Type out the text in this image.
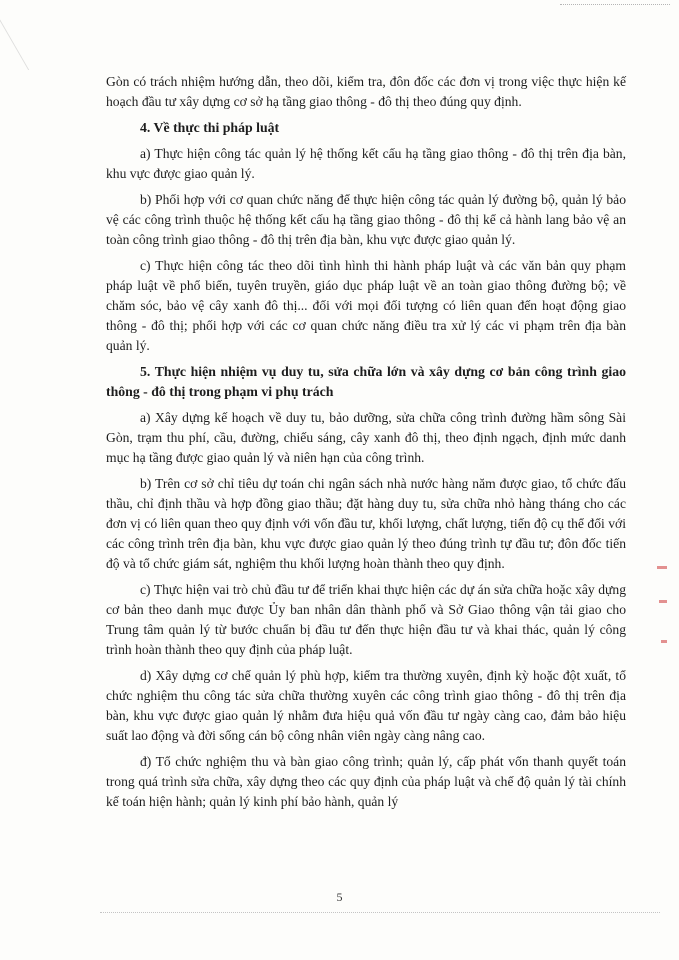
Gòn có trách nhiệm hướng dẫn, theo dõi, kiểm tra, đôn đốc các đơn vị trong việc thực hiện kế hoạch đầu tư xây dựng cơ sở hạ tầng giao thông - đô thị theo đúng quy định.

4. Về thực thi pháp luật

a) Thực hiện công tác quản lý hệ thống kết cấu hạ tầng giao thông - đô thị trên địa bàn, khu vực được giao quản lý.

b) Phối hợp với cơ quan chức năng để thực hiện công tác quản lý đường bộ, quản lý bảo vệ các công trình thuộc hệ thống kết cấu hạ tầng giao thông - đô thị kể cả hành lang bảo vệ an toàn công trình giao thông - đô thị trên địa bàn, khu vực được giao quản lý.

c) Thực hiện công tác theo dõi tình hình thi hành pháp luật và các văn bản quy phạm pháp luật về phổ biến, tuyên truyền, giáo dục pháp luật về an toàn giao thông đường bộ; về chăm sóc, bảo vệ cây xanh đô thị... đối với mọi đối tượng có liên quan đến hoạt động giao thông - đô thị; phối hợp với các cơ quan chức năng điều tra xử lý các vi phạm trên địa bàn quản lý.

5. Thực hiện nhiệm vụ duy tu, sửa chữa lớn và xây dựng cơ bản công trình giao thông - đô thị trong phạm vi phụ trách

a) Xây dựng kế hoạch về duy tu, bảo dưỡng, sửa chữa công trình đường hầm sông Sài Gòn, trạm thu phí, cầu, đường, chiếu sáng, cây xanh đô thị, theo định ngạch, định mức danh mục hạ tầng được giao quản lý và niên hạn của công trình.

b) Trên cơ sở chỉ tiêu dự toán chi ngân sách nhà nước hàng năm được giao, tổ chức đấu thầu, chỉ định thầu và hợp đồng giao thầu; đặt hàng duy tu, sửa chữa nhỏ hàng tháng cho các đơn vị có liên quan theo quy định với vốn đầu tư, khối lượng, chất lượng, tiến độ cụ thể đối với các công trình trên địa bàn, khu vực được giao quản lý theo đúng trình tự đầu tư; đôn đốc tiến độ và tổ chức giám sát, nghiệm thu khối lượng hoàn thành theo quy định.

c) Thực hiện vai trò chủ đầu tư để triển khai thực hiện các dự án sửa chữa hoặc xây dựng cơ bản theo danh mục được Ủy ban nhân dân thành phố và Sở Giao thông vận tải giao cho Trung tâm quản lý từ bước chuẩn bị đầu tư đến thực hiện đầu tư và khai thác, quản lý công trình hoàn thành theo quy định của pháp luật.

d) Xây dựng cơ chế quản lý phù hợp, kiểm tra thường xuyên, định kỳ hoặc đột xuất, tổ chức nghiệm thu công tác sửa chữa thường xuyên các công trình giao thông - đô thị trên địa bàn, khu vực được giao quản lý nhằm đưa hiệu quả vốn đầu tư ngày càng cao, đảm bảo hiệu suất lao động và đời sống cán bộ công nhân viên ngày càng nâng cao.

đ) Tổ chức nghiệm thu và bàn giao công trình; quản lý, cấp phát vốn thanh quyết toán trong quá trình sửa chữa, xây dựng theo các quy định của pháp luật và chế độ quản lý tài chính kế toán hiện hành; quản lý kinh phí bảo hành, quản lý

5
